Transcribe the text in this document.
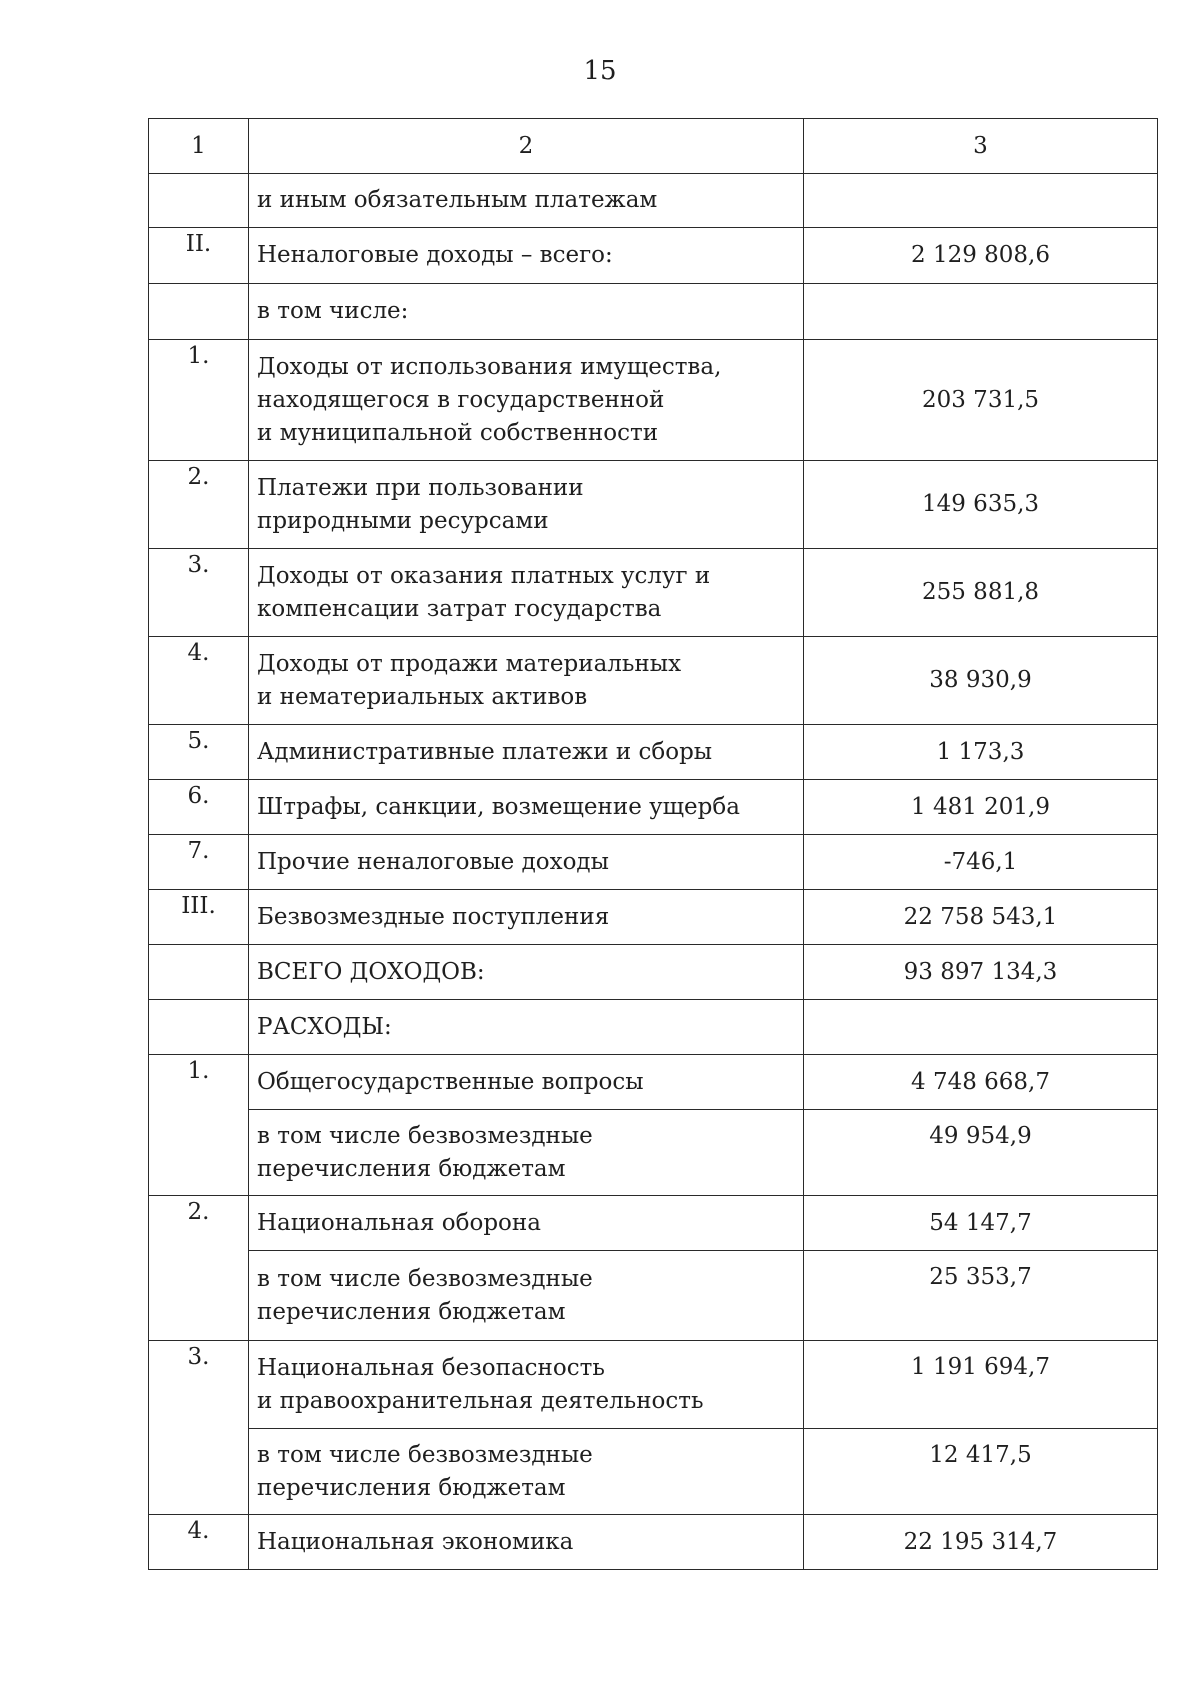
15
1	2	3
	и иным обязательным платежам	
II.	Неналоговые доходы – всего:	2 129 808,6
	в том числе:	
1.	Доходы от использования имущества,
находящегося в государственной
и муниципальной собственности	203 731,5
2.	Платежи при пользовании
природными ресурсами	149 635,3
3.	Доходы от оказания платных услуг и
компенсации затрат государства	255 881,8
4.	Доходы от продажи материальных
и нематериальных активов	38 930,9
5.	Административные платежи и сборы	1 173,3
6.	Штрафы, санкции, возмещение ущерба	1 481 201,9
7.	Прочие неналоговые доходы	-746,1
III.	Безвозмездные поступления	22 758 543,1
	ВСЕГО ДОХОДОВ:	93 897 134,3
	РАСХОДЫ:	
1.	Общегосударственные вопросы	4 748 668,7
	в том числе безвозмездные
перечисления бюджетам	49 954,9
2.	Национальная оборона	54 147,7
	в том числе безвозмездные
перечисления бюджетам	25 353,7
3.	Национальная безопасность
и правоохранительная деятельность	1 191 694,7
	в том числе безвозмездные
перечисления бюджетам	12 417,5
4.	Национальная экономика	22 195 314,7
